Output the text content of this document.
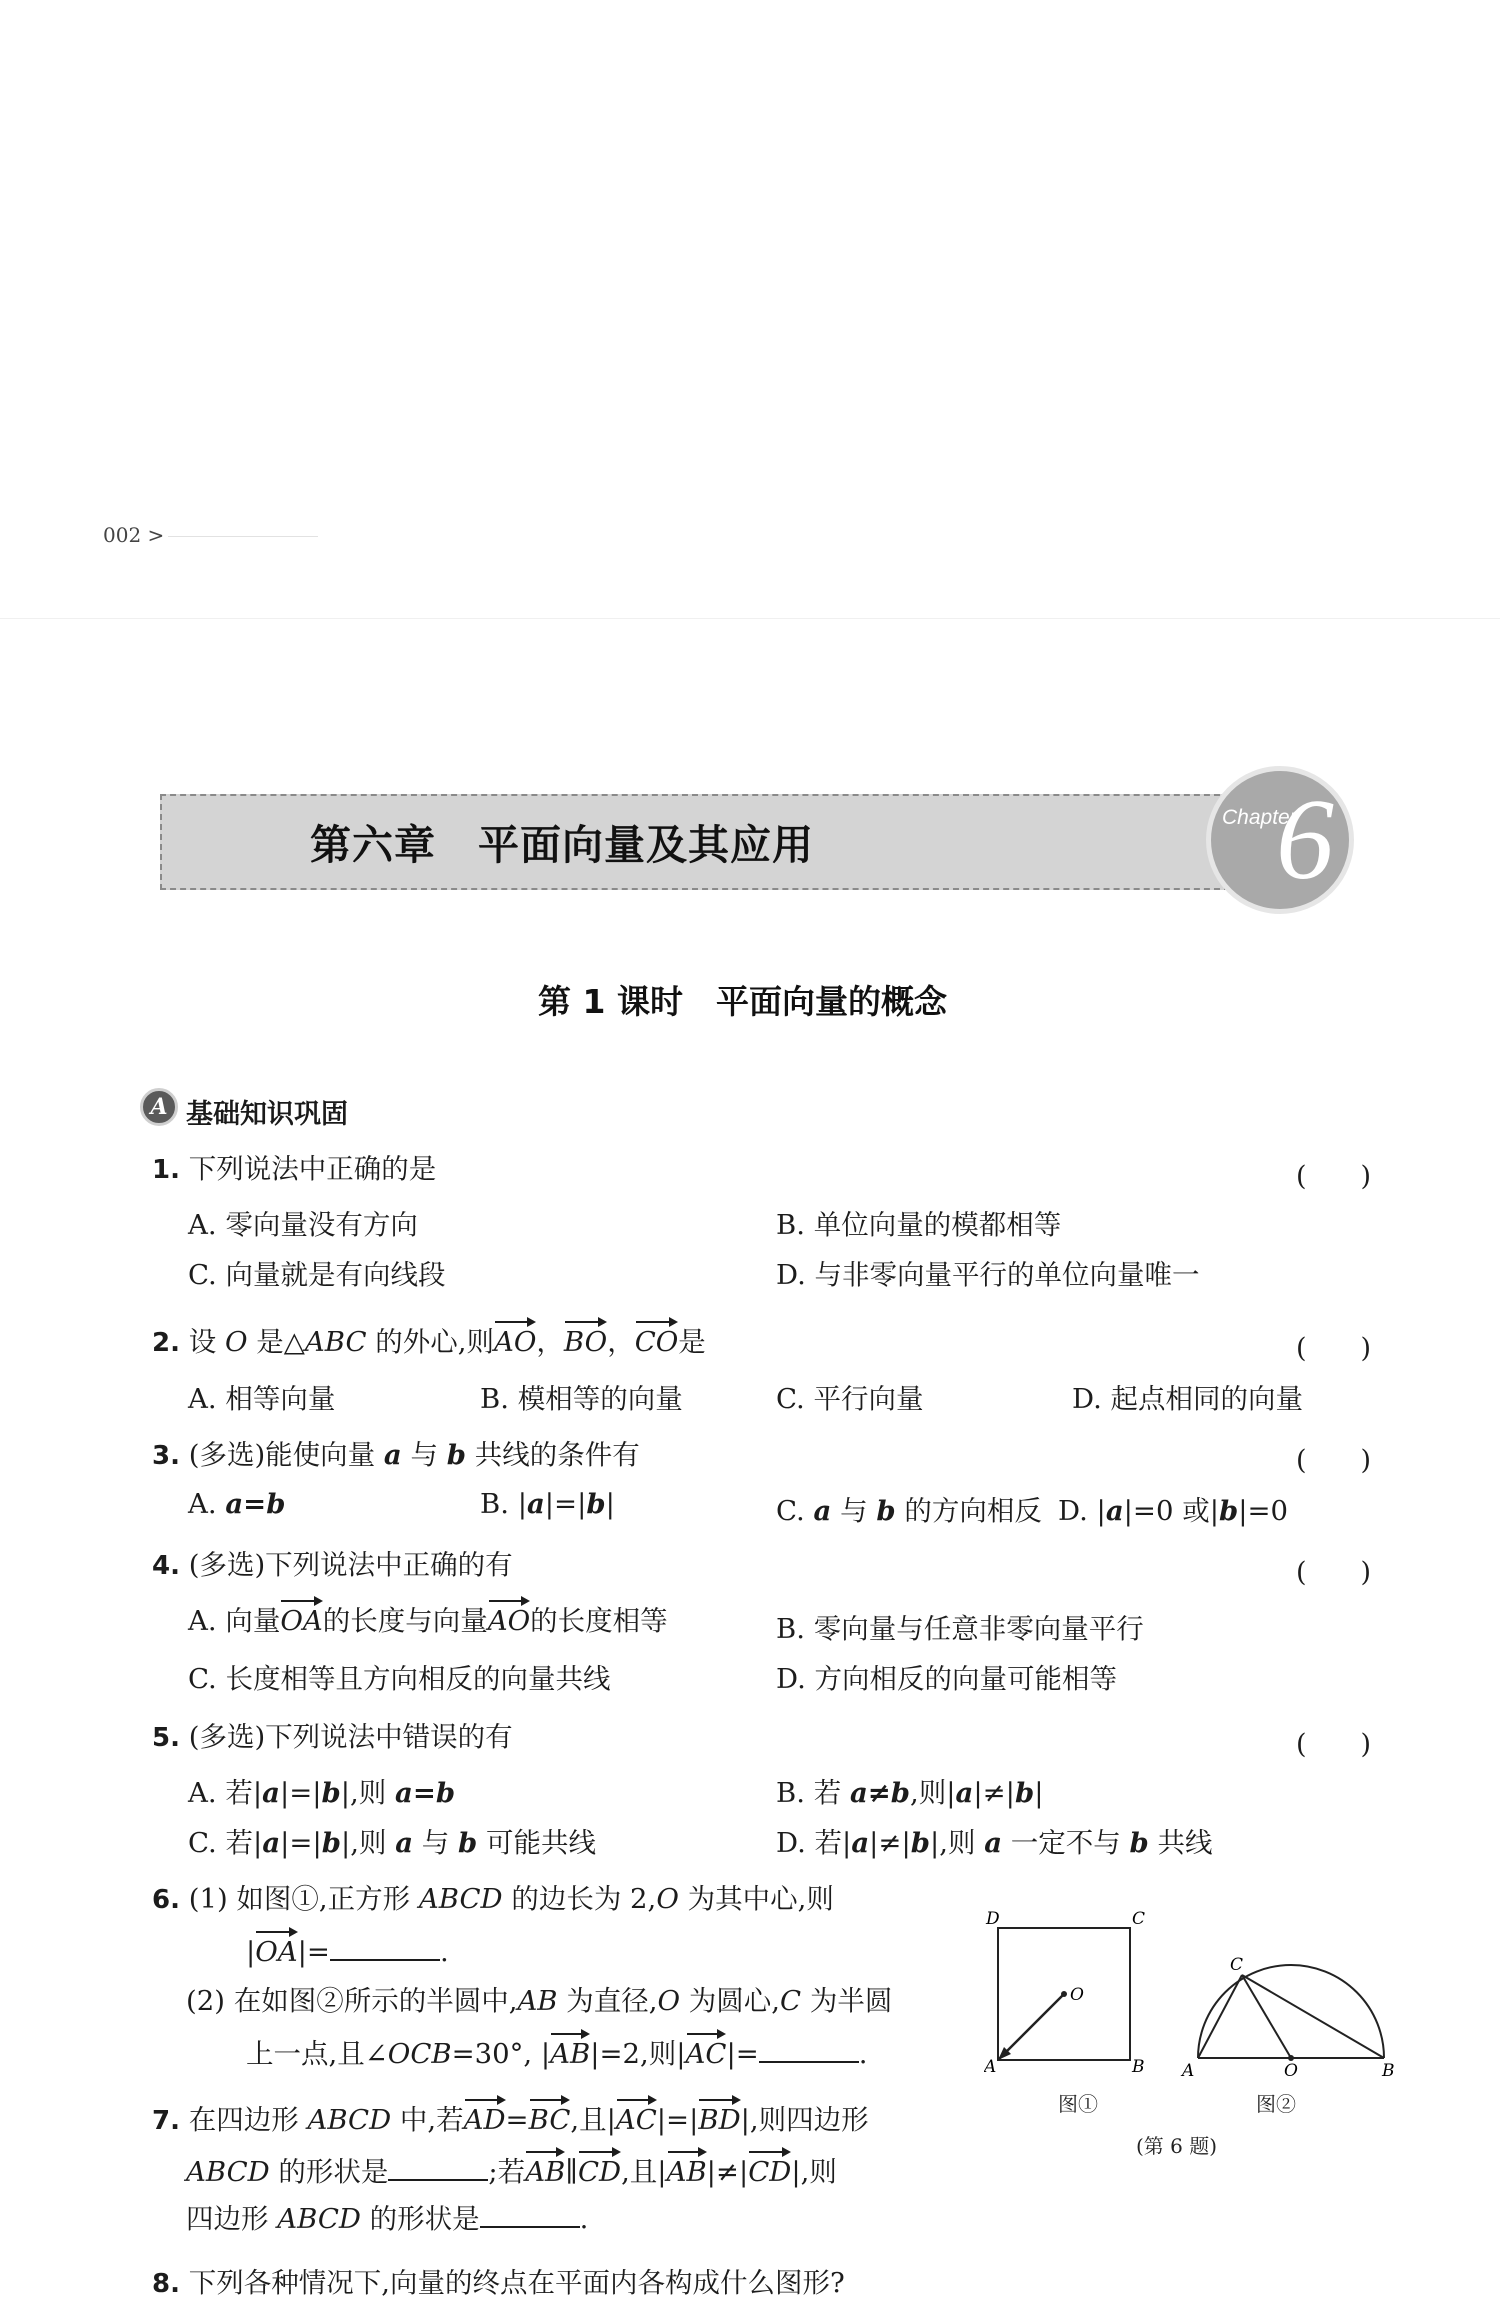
002 >
第六章　平面向量及其应用	6
Chapter
第 1 课时　平面向量的概念
A 基础知识巩固
1. 下列说法中正确的是	(　　)
A. 零向量没有方向	B. 单位向量的模都相等
C. 向量就是有向线段	D. 与非零向量平行的单位向量唯一
2. 设 O 是△ABC 的外心,则AO，BO，CO是	(　　)
A. 相等向量	B. 模相等的向量	C. 平行向量	D. 起点相同的向量
3. (多选)能使向量 a 与 b 共线的条件有	(　　)
A. a=b	B. |a|=|b|	C. a 与 b 的方向相反 D. |a|=0 或|b|=0
4. (多选)下列说法中正确的有	(　　)
A. 向量OA的长度与向量AO的长度相等	B. 零向量与任意非零向量平行
C. 长度相等且方向相反的向量共线	D. 方向相反的向量可能相等
5. (多选)下列说法中错误的有	(　　)
A. 若|a|=|b|,则 a=b	B. 若 a≠b,则|a|≠|b|
C. 若|a|=|b|,则 a 与 b 可能共线	D. 若|a|≠|b|,则 a 一定不与 b 共线
6. (1) 如图①,正方形 ABCD 的边长为 2,O 为其中心,则
|OA|=	.
(2) 在如图②所示的半圆中,AB 为直径,O 为圆心,C 为半圆
上一点,且∠OCB=30°, |AB|=2,则|AC|=	.
D	C
A	B
O
图①
C
A	O	B
图②
(第 6 题)
7. 在四边形 ABCD 中,若AD=BC,且|AC|=|BD|,则四边形
ABCD 的形状是	;若AB∥CD,且|AB|≠|CD|,则
四边形 ABCD 的形状是	.
8. 下列各种情况下,向量的终点在平面内各构成什么图形?
